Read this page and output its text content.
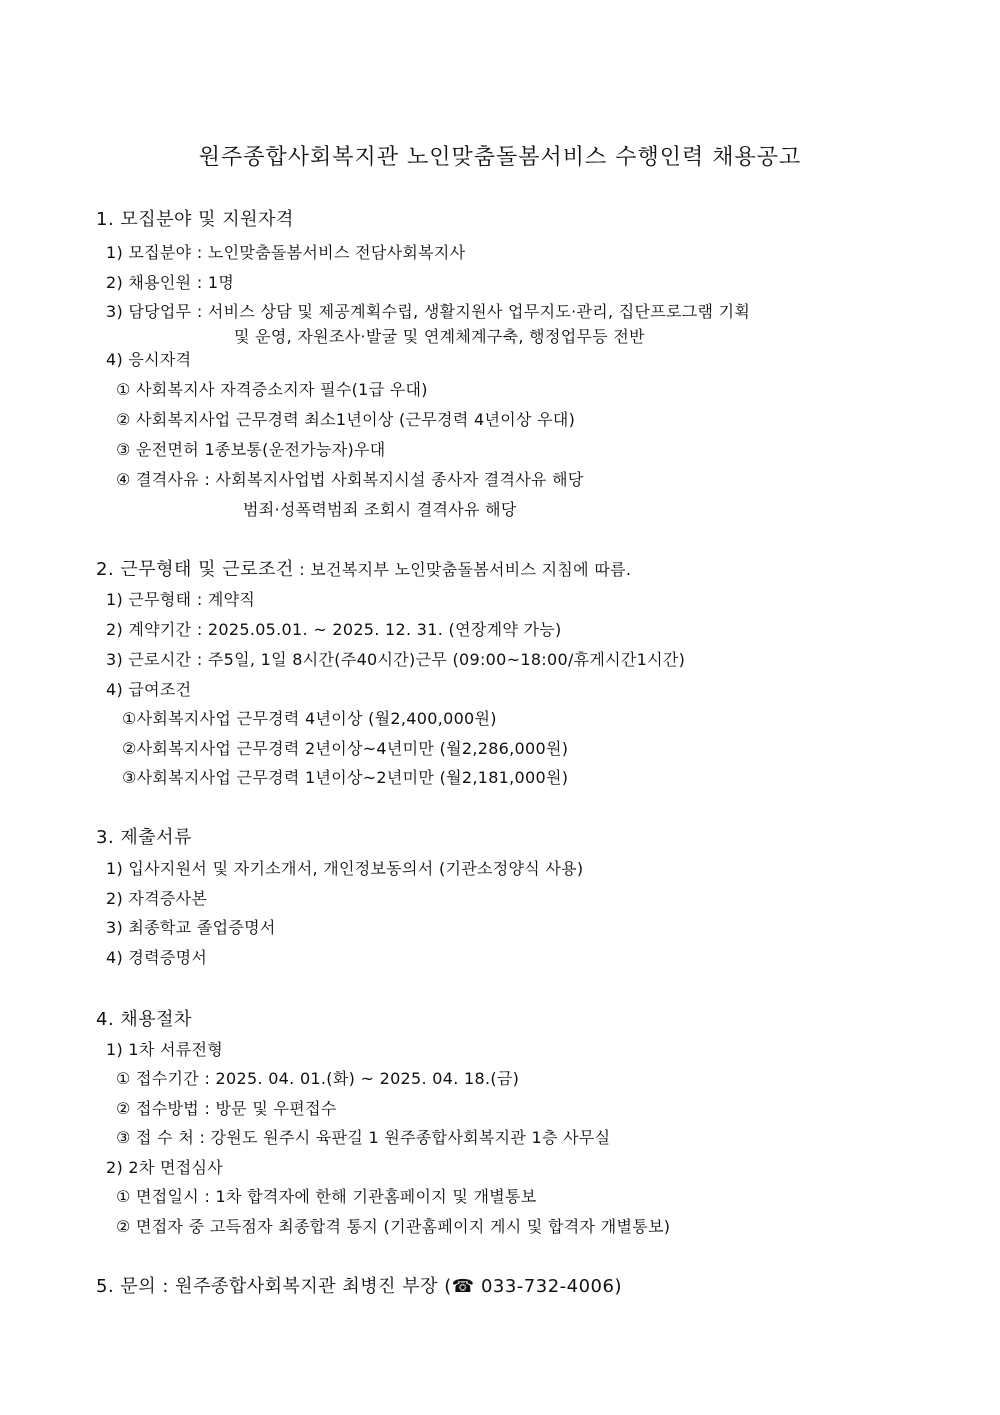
원주종합사회복지관 노인맞춤돌봄서비스 수행인력 채용공고
1. 모집분야 및 지원자격
1) 모집분야 : 노인맞춤돌봄서비스 전담사회복지사
2) 채용인원 : 1명
3) 담당업무 : 서비스 상담 및 제공계획수립, 생활지원사 업무지도·관리, 집단프로그램 기획
및 운영, 자원조사·발굴 및 연계체계구축, 행정업무등 전반
4) 응시자격
① 사회복지사 자격증소지자 필수(1급 우대)
② 사회복지사업 근무경력 최소1년이상 (근무경력 4년이상 우대)
③ 운전면허 1종보통(운전가능자)우대
④ 결격사유 : 사회복지사업법 사회복지시설 종사자 결격사유 해당
범죄·성폭력범죄 조회시 결격사유 해당
2. 근무형태 및 근로조건 : 보건복지부 노인맞춤돌봄서비스 지침에 따름.
1) 근무형태 : 계약직
2) 계약기간 : 2025.05.01. ~ 2025. 12. 31. (연장계약 가능)
3) 근로시간 : 주5일, 1일 8시간(주40시간)근무 (09:00~18:00/휴게시간1시간)
4) 급여조건
①사회복지사업 근무경력 4년이상 (월2,400,000원)
②사회복지사업 근무경력 2년이상~4년미만 (월2,286,000원)
③사회복지사업 근무경력 1년이상~2년미만 (월2,181,000원)
3. 제출서류
1) 입사지원서 및 자기소개서, 개인정보동의서 (기관소정양식 사용)
2) 자격증사본
3) 최종학교 졸업증명서
4) 경력증명서
4. 채용절차
1) 1차 서류전형
① 접수기간 : 2025. 04. 01.(화) ~ 2025. 04. 18.(금)
② 접수방법 : 방문 및 우편접수
③ 접 수 처 : 강원도 원주시 육판길 1 원주종합사회복지관 1층 사무실
2) 2차 면접심사
① 면접일시 : 1차 합격자에 한해 기관홈페이지 및 개별통보
② 면접자 중 고득점자 최종합격 통지 (기관홈페이지 게시 및 합격자 개별통보)
5. 문의 : 원주종합사회복지관 최병진 부장 (☎ 033-732-4006)
